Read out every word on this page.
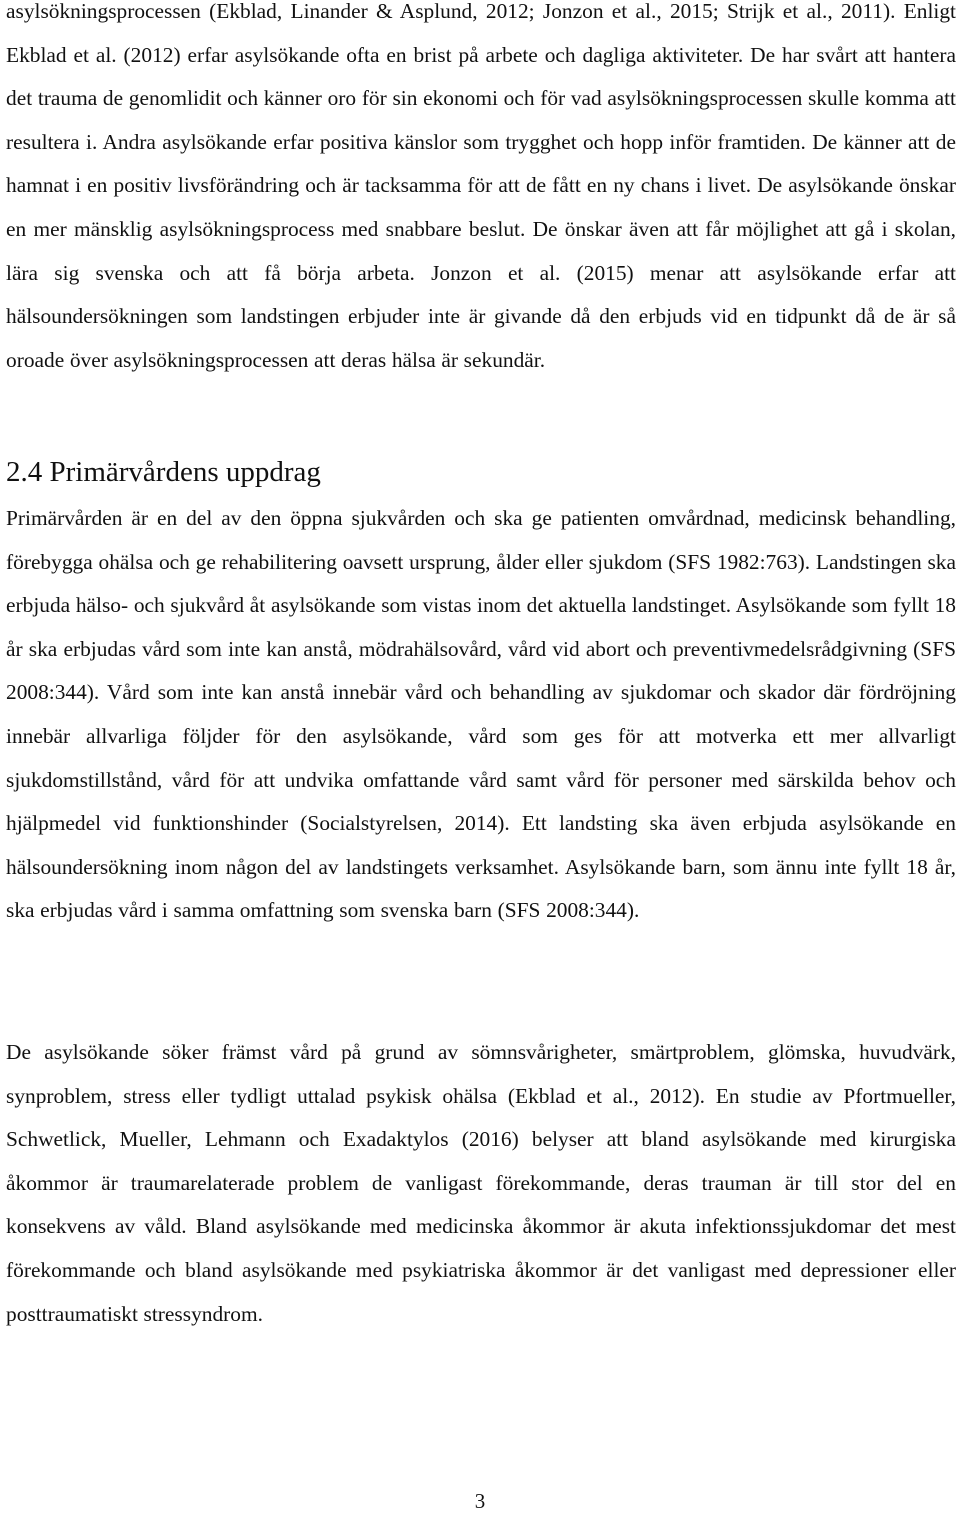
asylsökningsprocessen (Ekblad, Linander & Asplund, 2012; Jonzon et al., 2015; Strijk et al., 2011). Enligt Ekblad et al. (2012) erfar asylsökande ofta en brist på arbete och dagliga aktiviteter. De har svårt att hantera det trauma de genomlidit och känner oro för sin ekonomi och för vad asylsökningsprocessen skulle komma att resultera i. Andra asylsökande erfar positiva känslor som trygghet och hopp inför framtiden. De känner att de hamnat i en positiv livsförändring och är tacksamma för att de fått en ny chans i livet. De asylsökande önskar en mer mänsklig asylsökningsprocess med snabbare beslut. De önskar även att får möjlighet att gå i skolan, lära sig svenska och att få börja arbeta. Jonzon et al. (2015) menar att asylsökande erfar att hälsoundersökningen som landstingen erbjuder inte är givande då den erbjuds vid en tidpunkt då de är så oroade över asylsökningsprocessen att deras hälsa är sekundär.

2.4 Primärvårdens uppdrag

Primärvården är en del av den öppna sjukvården och ska ge patienten omvårdnad, medicinsk behandling, förebygga ohälsa och ge rehabilitering oavsett ursprung, ålder eller sjukdom (SFS 1982:763). Landstingen ska erbjuda hälso- och sjukvård åt asylsökande som vistas inom det aktuella landstinget. Asylsökande som fyllt 18 år ska erbjudas vård som inte kan anstå, mödrahälsovård, vård vid abort och preventivmedelsrådgivning (SFS 2008:344). Vård som inte kan anstå innebär vård och behandling av sjukdomar och skador där fördröjning innebär allvarliga följder för den asylsökande, vård som ges för att motverka ett mer allvarligt sjukdomstillstånd, vård för att undvika omfattande vård samt vård för personer med särskilda behov och hjälpmedel vid funktionshinder (Socialstyrelsen, 2014). Ett landsting ska även erbjuda asylsökande en hälsoundersökning inom någon del av landstingets verksamhet. Asylsökande barn, som ännu inte fyllt 18 år, ska erbjudas vård i samma omfattning som svenska barn (SFS 2008:344).

De asylsökande söker främst vård på grund av sömnsvårigheter, smärtproblem, glömska, huvudvärk, synproblem, stress eller tydligt uttalad psykisk ohälsa (Ekblad et al., 2012). En studie av Pfortmueller, Schwetlick, Mueller, Lehmann och Exadaktylos (2016) belyser att bland asylsökande med kirurgiska åkommor är traumarelaterade problem de vanligast förekommande, deras trauman är till stor del en konsekvens av våld. Bland asylsökande med medicinska åkommor är akuta infektionssjukdomar det mest förekommande och bland asylsökande med psykiatriska åkommor är det vanligast med depressioner eller posttraumatiskt stressyndrom.

3
